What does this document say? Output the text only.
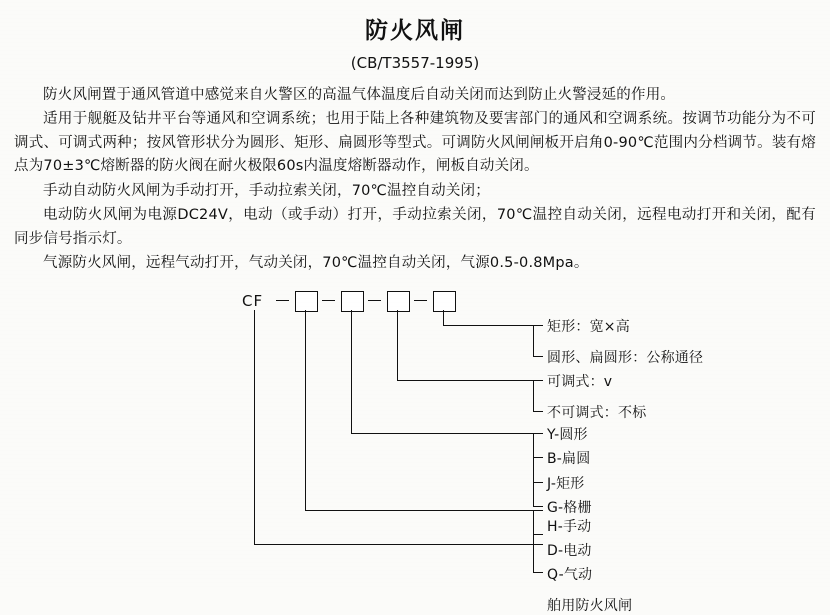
防火风闸
(CB/T3557-1995)

防火风闸置于通风管道中感觉来自火警区的高温气体温度后自动关闭而达到防止火警浸延的作用。

适用于舰艇及钻井平台等通风和空调系统；也用于陆上各种建筑物及要害部门的通风和空调系统。按调节功能分为不可调式、可调式两种；按风管形状分为圆形、矩形、扁圆形等型式。可调防火风闸闸板开启角0-90℃范围内分档调节。装有熔点为70±3℃熔断器的防火阀在耐火极限60s内温度熔断器动作，闸板自动关闭。

手动自动防火风闸为手动打开，手动拉索关闭，70℃温控自动关闭；

电动防火风闸为电源DC24V，电动（或手动）打开，手动拉索关闭，70℃温控自动关闭，远程电动打开和关闭，配有同步信号指示灯。

气源防火风闸，远程气动打开，气动关闭，70℃温控自动关闭，气源0.5-0.8Mpa。

CF
矩形：宽×高
圆形、扁圆形：公称通径
可调式：v
不可调式：不标
Y-圆形
B-扁圆
J-矩形
G-格栅
H-手动
D-电动
Q-气动
舶用防火风闸
